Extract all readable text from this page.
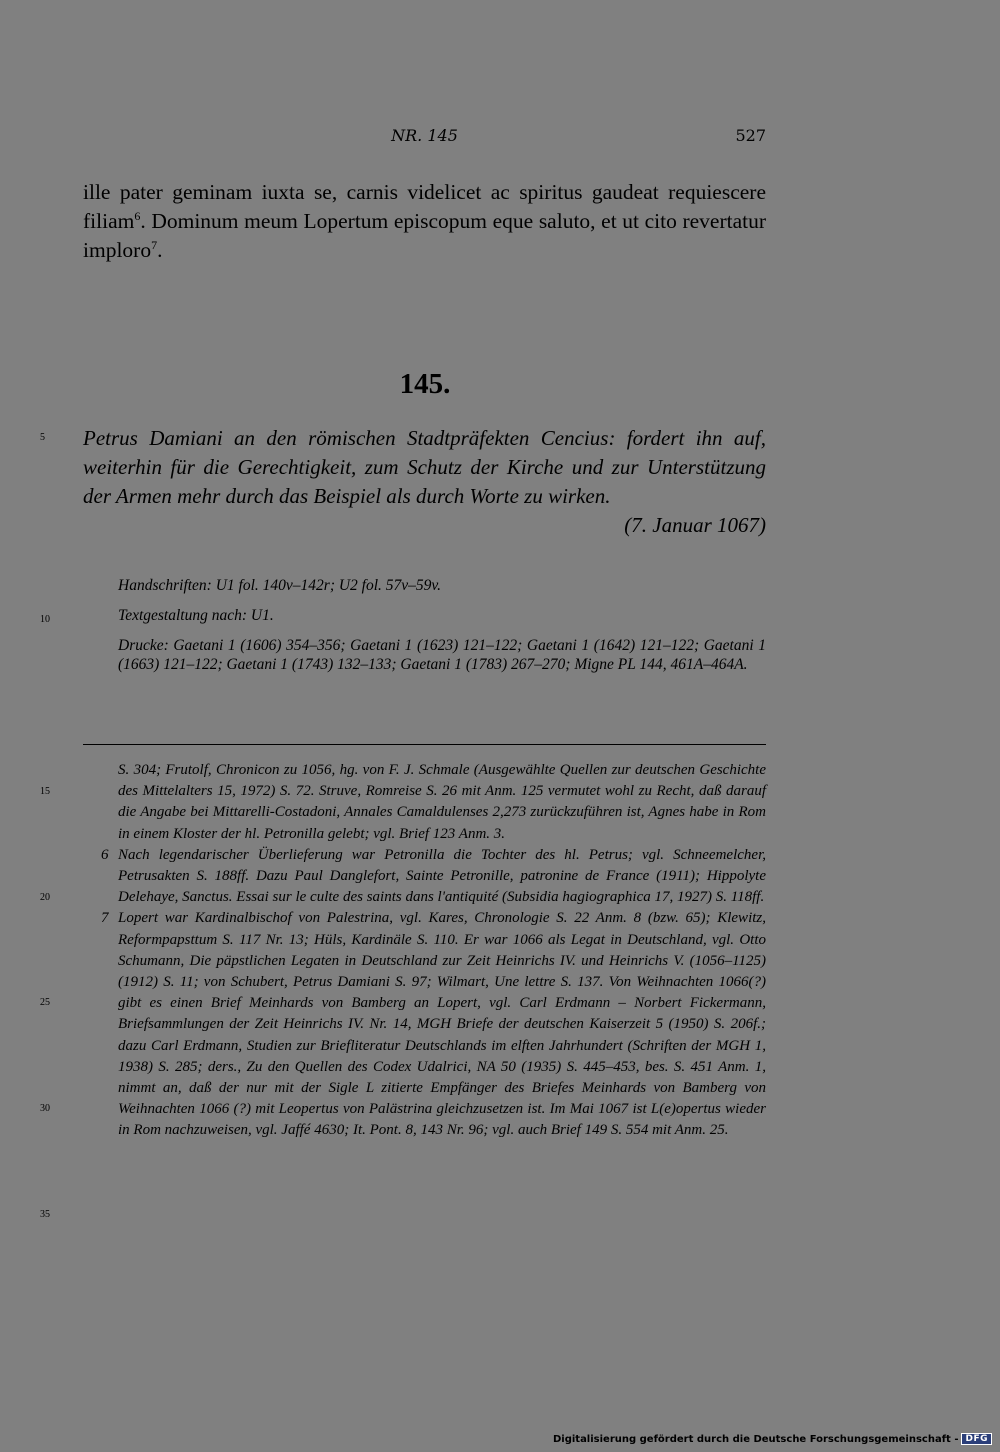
NR. 145	527

ille pater geminam iuxta se, carnis videlicet ac spiritus gaudeat requiescere filiam$^6$. Dominum meum Lopertum episcopum eque saluto, et ut cito revertatur imploro$^7$.

145.
5
10
15
20
25
30
35

Petrus Damiani an den römischen Stadtpräfekten Cencius: fordert ihn auf, weiterhin für die Gerechtigkeit, zum Schutz der Kirche und zur Unterstützung der Armen mehr durch das Beispiel als durch Worte zu wirken.

(7. Januar 1067)

Handschriften: U1 fol. 140v–142r; U2 fol. 57v–59v.

Textgestaltung nach: U1.

Drucke: Gaetani 1 (1606) 354–356; Gaetani 1 (1623) 121–122; Gaetani 1 (1642) 121–122; Gaetani 1 (1663) 121–122; Gaetani 1 (1743) 132–133; Gaetani 1 (1783) 267–270; Migne PL 144, 461A–464A.

S. 304; Frutolf, Chronicon zu 1056, hg. von F. J. Schmale (Ausgewählte Quellen zur deutschen Geschichte des Mittelalters 15, 1972) S. 72. Struve, Romreise S. 26 mit Anm. 125 vermutet wohl zu Recht, daß darauf die Angabe bei Mittarelli-Costadoni, Annales Camaldulenses 2,273 zurückzuführen ist, Agnes habe in Rom in einem Kloster der hl. Petronilla gelebt; vgl. Brief 123 Anm. 3.
6 Nach legendarischer Überlieferung war Petronilla die Tochter des hl. Petrus; vgl. Schneemelcher, Petrusakten S. 188ff. Dazu Paul Danglefort, Sainte Petronille, patronine de France (1911); Hippolyte Delehaye, Sanctus. Essai sur le culte des saints dans l'antiquité (Subsidia hagiographica 17, 1927) S. 118ff.
7 Lopert war Kardinalbischof von Palestrina, vgl. Kares, Chronologie S. 22 Anm. 8 (bzw. 65); Klewitz, Reformpapsttum S. 117 Nr. 13; Hüls, Kardinäle S. 110. Er war 1066 als Legat in Deutschland, vgl. Otto Schumann, Die päpstlichen Legaten in Deutschland zur Zeit Heinrichs IV. und Heinrichs V. (1056–1125) (1912) S. 11; von Schubert, Petrus Damiani S. 97; Wilmart, Une lettre S. 137. Von Weihnachten 1066(?) gibt es einen Brief Meinhards von Bamberg an Lopert, vgl. Carl Erdmann – Norbert Fickermann, Briefsammlungen der Zeit Heinrichs IV. Nr. 14, MGH Briefe der deutschen Kaiserzeit 5 (1950) S. 206f.; dazu Carl Erdmann, Studien zur Briefliteratur Deutschlands im elften Jahrhundert (Schriften der MGH 1, 1938) S. 285; ders., Zu den Quellen des Codex Udalrici, NA 50 (1935) S. 445–453, bes. S. 451 Anm. 1, nimmt an, daß der nur mit der Sigle L zitierte Empfänger des Briefes Meinhards von Bamberg von Weihnachten 1066 (?) mit Leopertus von Palästrina gleichzusetzen ist. Im Mai 1067 ist L(e)opertus wieder in Rom nachzuweisen, vgl. Jaffé 4630; It. Pont. 8, 143 Nr. 96; vgl. auch Brief 149 S. 554 mit Anm. 25.
Digitalisierung gefördert durch die Deutsche Forschungsgemeinschaft - DFG
